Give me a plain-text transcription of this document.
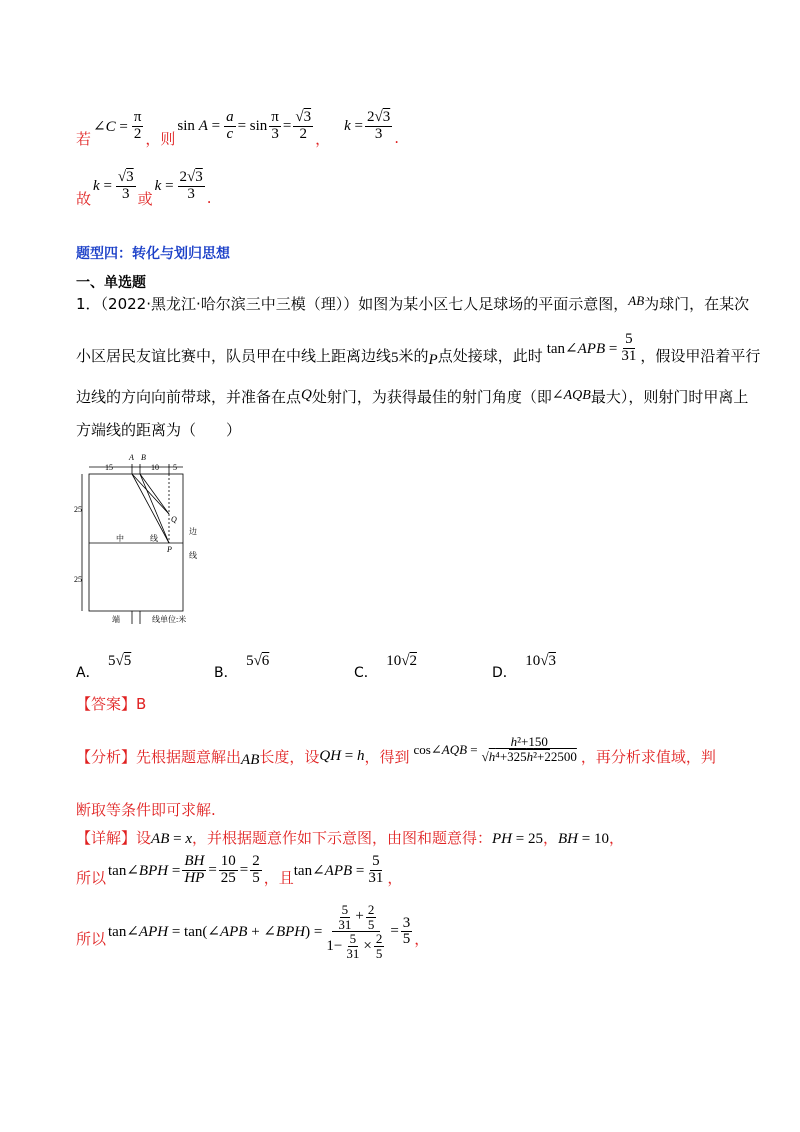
若
∠C = $\frac{\pi}{2}$ ，则
$\sin A = \frac{a}{c} = \sin \frac{\pi}{3} = \frac{√3}{2}$ ，
$k = \frac{2√3}{3}$ .
故
$k = \frac{√3}{3}$ 或
$k = \frac{2√3}{3}$ .
题型四：转化与划归思想
一、单选题
1．（2022·黑龙江·哈尔滨三中三模（理））如图为某小区七人足球场的平面示意图，AB为球门，在某次
小区居民友谊比赛中，队员甲在中线上距离边线 5 米的 P 点处接球，此时 tan∠APB = $\frac{5}{31}$ ，假设甲沿着平行
边线的方向向前带球，并准备在点Q处射门，为获得最佳的射门角度（即∠AQB最大），则射门时甲离上
方端线的距离为（　　）
A B
15	10 5
25
25
Q
P
中	线
边
线
端	线 单位:米
A． 5√5
B． 5√6
C． 10√2
D． 10√3
【答案】B
【分析】 先根据题意解出 AB 长度，设 QH = h ，得到 cos∠AQB = $\frac{\text{h²+150}}{\text{√h⁴+325h²+22500}}$ ，再分析求值域，判
断取等条件即可求解.
【详解】设AB = x，并根据题意作如下示意图，由图和题意得：PH = 25，BH = 10，
所以 tan∠BPH = $\frac{BH}{HP} = \frac{10}{25} = \frac{2}{5}$ ，且 tan∠APB = $\frac{5}{31}$ ，
所以 tan∠APH = tan(∠APB + ∠BPH) = $\frac{\frac{5}{31} + \frac{2}{5}}{1- \frac{5}{31} \times \frac{2}{5}} = \frac{3}{5}$ ，
